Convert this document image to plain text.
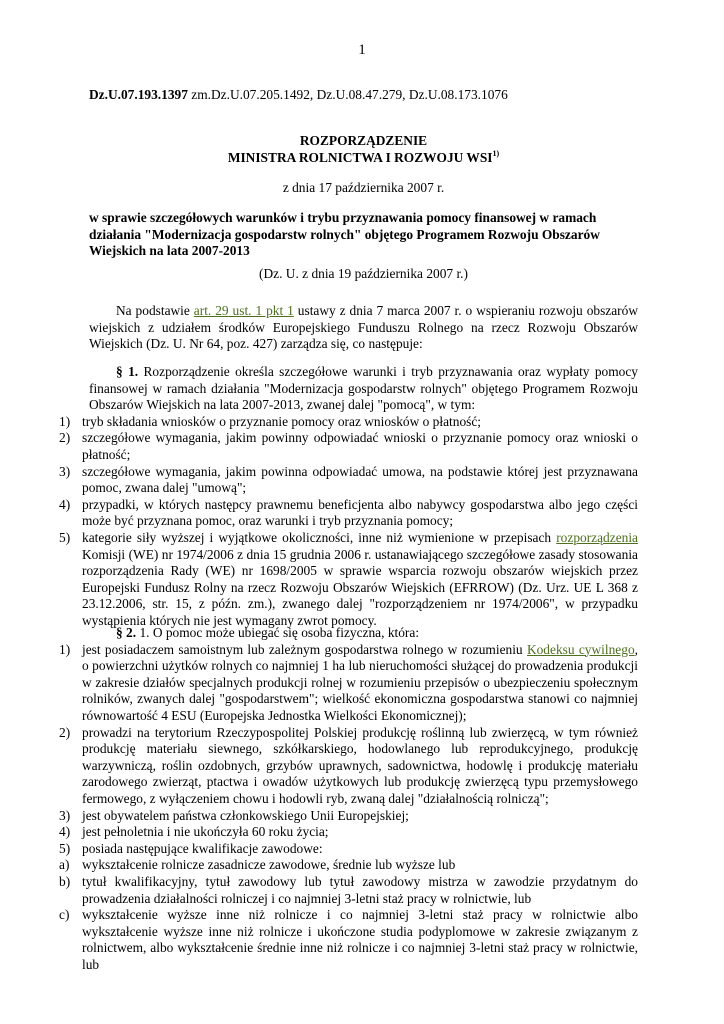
1
Dz.U.07.193.1397 zm.Dz.U.07.205.1492, Dz.U.08.47.279, Dz.U.08.173.1076
ROZPORZĄDZENIE
MINISTRA ROLNICTWA I ROZWOJU WSI$^{1)}$
z dnia 17 października 2007 r.
w sprawie szczegółowych warunków i trybu przyznawania pomocy finansowej w ramach działania "Modernizacja gospodarstw rolnych" objętego Programem Rozwoju Obszarów Wiejskich na lata 2007-2013
(Dz. U. z dnia 19 października 2007 r.)
Na podstawie art. 29 ust. 1 pkt 1 ustawy z dnia 7 marca 2007 r. o wspieraniu rozwoju obszarów wiejskich z udziałem środków Europejskiego Funduszu Rolnego na rzecz Rozwoju Obszarów Wiejskich (Dz. U. Nr 64, poz. 427) zarządza się, co następuje:
§ 1. Rozporządzenie określa szczegółowe warunki i tryb przyznawania oraz wypłaty pomocy finansowej w ramach działania "Modernizacja gospodarstw rolnych" objętego Programem Rozwoju Obszarów Wiejskich na lata 2007-2013, zwanej dalej "pomocą", w tym:
1) tryb składania wniosków o przyznanie pomocy oraz wniosków o płatność;
2) szczegółowe wymagania, jakim powinny odpowiadać wnioski o przyznanie pomocy oraz wnioski o płatność;
3) szczegółowe wymagania, jakim powinna odpowiadać umowa, na podstawie której jest przyznawana pomoc, zwana dalej "umową";
4) przypadki, w których następcy prawnemu beneficjenta albo nabywcy gospodarstwa albo jego części może być przyznana pomoc, oraz warunki i tryb przyznania pomocy;
5) kategorie siły wyższej i wyjątkowe okoliczności, inne niż wymienione w przepisach rozporządzenia Komisji (WE) nr 1974/2006 z dnia 15 grudnia 2006 r. ustanawiającego szczegółowe zasady stosowania rozporządzenia Rady (WE) nr 1698/2005 w sprawie wsparcia rozwoju obszarów wiejskich przez Europejski Fundusz Rolny na rzecz Rozwoju Obszarów Wiejskich (EFRROW) (Dz. Urz. UE L 368 z 23.12.2006, str. 15, z późn. zm.), zwanego dalej "rozporządzeniem nr 1974/2006", w przypadku wystąpienia których nie jest wymagany zwrot pomocy.
§ 2. 1. O pomoc może ubiegać się osoba fizyczna, która:
1) jest posiadaczem samoistnym lub zależnym gospodarstwa rolnego w rozumieniu Kodeksu cywilnego, o powierzchni użytków rolnych co najmniej 1 ha lub nieruchomości służącej do prowadzenia produkcji w zakresie działów specjalnych produkcji rolnej w rozumieniu przepisów o ubezpieczeniu społecznym rolników, zwanych dalej "gospodarstwem"; wielkość ekonomiczna gospodarstwa stanowi co najmniej równowartość 4 ESU (Europejska Jednostka Wielkości Ekonomicznej);
2) prowadzi na terytorium Rzeczypospolitej Polskiej produkcję roślinną lub zwierzęcą, w tym również produkcję materiału siewnego, szkółkarskiego, hodowlanego lub reprodukcyjnego, produkcję warzywniczą, roślin ozdobnych, grzybów uprawnych, sadownictwa, hodowlę i produkcję materiału zarodowego zwierząt, ptactwa i owadów użytkowych lub produkcję zwierzęcą typu przemysłowego fermowego, z wyłączeniem chowu i hodowli ryb, zwaną dalej "działalnością rolniczą";
3) jest obywatelem państwa członkowskiego Unii Europejskiej;
4) jest pełnoletnia i nie ukończyła 60 roku życia;
5) posiada następujące kwalifikacje zawodowe:
a) wykształcenie rolnicze zasadnicze zawodowe, średnie lub wyższe lub
b) tytuł kwalifikacyjny, tytuł zawodowy lub tytuł zawodowy mistrza w zawodzie przydatnym do prowadzenia działalności rolniczej i co najmniej 3-letni staż pracy w rolnictwie, lub
c) wykształcenie wyższe inne niż rolnicze i co najmniej 3-letni staż pracy w rolnictwie albo wykształcenie wyższe inne niż rolnicze i ukończone studia podyplomowe w zakresie związanym z rolnictwem, albo wykształcenie średnie inne niż rolnicze i co najmniej 3-letni staż pracy w rolnictwie, lub
